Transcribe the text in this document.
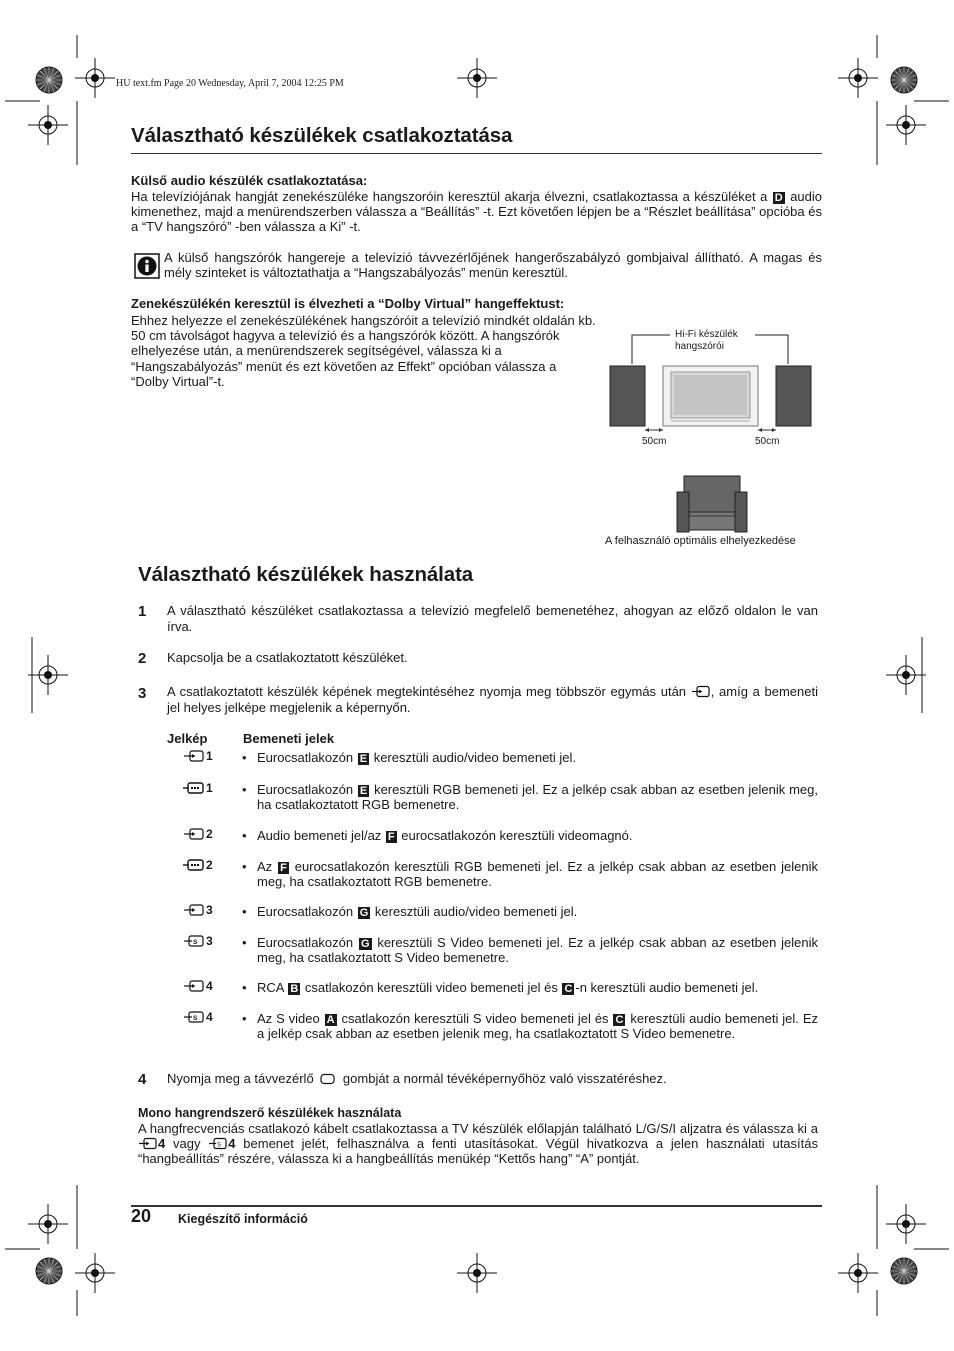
HU text.fm Page 20 Wednesday, April 7, 2004 12:25 PM
Választható készülékek csatlakoztatása

Külső audio készülék csatlakoztatása:

Ha televíziójának hangját zenekészüléke hangszoróin keresztül akarja élvezni, csatlakoztassa a készüléket a D audio kimenethez, majd a menürendszerben válassza a “Beállítás” -t. Ezt követően lépjen be a “Részlet beállítása” opcióba és a “TV hangszóró” -ben válassza a Ki” -t.

A külső hangszórók hangereje a televízió távvezérlőjének hangerőszabályzó gombjaival állítható. A magas és mély szinteket is változtathatja a “Hangszabályozás” menün keresztül.

Zenekészülékén keresztül is élvezheti a “Dolby Virtual” hangeffektust:

Ehhez helyezze el zenekészülékének hangszóróit a televízió mindkét oldalán kb. 50 cm távolságot hagyva a televízió és a hangszórók között. A hangszórók elhelyezése után, a menürendszerek segítségével, válassza ki a “Hangszabályozás” menüt és ezt követően az Effekt” opcióban válassza a “Dolby Virtual”-t.

Hi-Fi készülék
hangszórói
50cm	50cm
A felhasználó optimális elhelyezkedése
Választható készülékek használata
1 A választható készüléket csatlakoztassa a televízió megfelelő bemenetéhez, ahogyan az előző oldalon le van írva.

2 Kapcsolja be a csatlakoztatott készüléket.

3 A csatlakoztatott készülék képének megtekintéséhez nyomja meg többször egymás után , amíg a bemeneti jel helyes jelképe megjelenik a képernyőn.

Jelkép	Bemeneti jelek
1 • Eurocsatlakozón E keresztüli audio/video bemeneti jel.

1 • Eurocsatlakozón E keresztüli RGB bemeneti jel. Ez a jelkép csak abban az esetben jelenik meg, ha csatlakoztatott RGB bemenetre.

2 • Audio bemeneti jel/az F eurocsatlakozón keresztüli videomagnó.

2 • Az F eurocsatlakozón keresztüli RGB bemeneti jel. Ez a jelkép csak abban az esetben jelenik meg, ha csatlakoztatott RGB bemenetre.

3 • Eurocsatlakozón G keresztüli audio/video bemeneti jel.

S 3 • Eurocsatlakozón G keresztüli S Video bemeneti jel. Ez a jelkép csak abban az esetben jelenik meg, ha csatlakoztatott S Video bemenetre.

4 • RCA B csatlakozón keresztüli video bemeneti jel és C -n keresztüli audio bemeneti jel.

S 4 • Az S video A csatlakozón keresztüli S video bemeneti jel és C keresztüli audio bemeneti jel. Ez a jelkép csak abban az esetben jelenik meg, ha csatlakoztatott S Video bemenetre.

4 Nyomja meg a távvezérlő gombját a normál tévéképernyőhöz való visszatéréshez.

Mono hangrendszerő készülékek használata

A hangfrecvenciás csatlakozó kábelt csatlakoztassa a TV készülék előlapján található L/G/S/I aljzatra és válassza ki a 4 vagy	S 4 bemenet jelét, felhasználva a fenti utasításokat. Végül hivatkozva a jelen használati utasítás “hangbeállítás” részére, válassza ki a hangbeállítás menükép “Kettős hang” “A” pontját.

20 Kiegészítő információ
